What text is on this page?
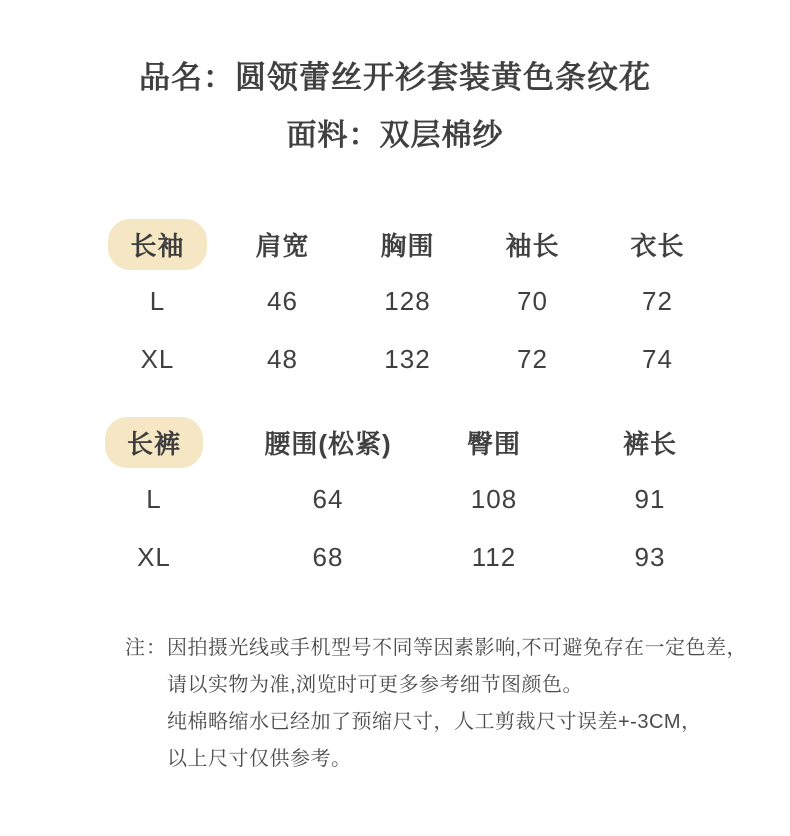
品名：圆领蕾丝开衫套装黄色条纹花
面料：双层棉纱
长袖	肩宽	胸围	袖长	衣长
L	46	128	70	72
XL	48	132	72	74
长裤	腰围(松紧)	臀围	裤长
L	64	108	91
XL	68	112	93
注： 因拍摄光线或手机型号不同等因素影响,不可避免存在一定色差，
请以实物为准,浏览时可更多参考细节图颜色。
纯棉略缩水已经加了预缩尺寸，人工剪裁尺寸误差+-3CM，
以上尺寸仅供参考。
